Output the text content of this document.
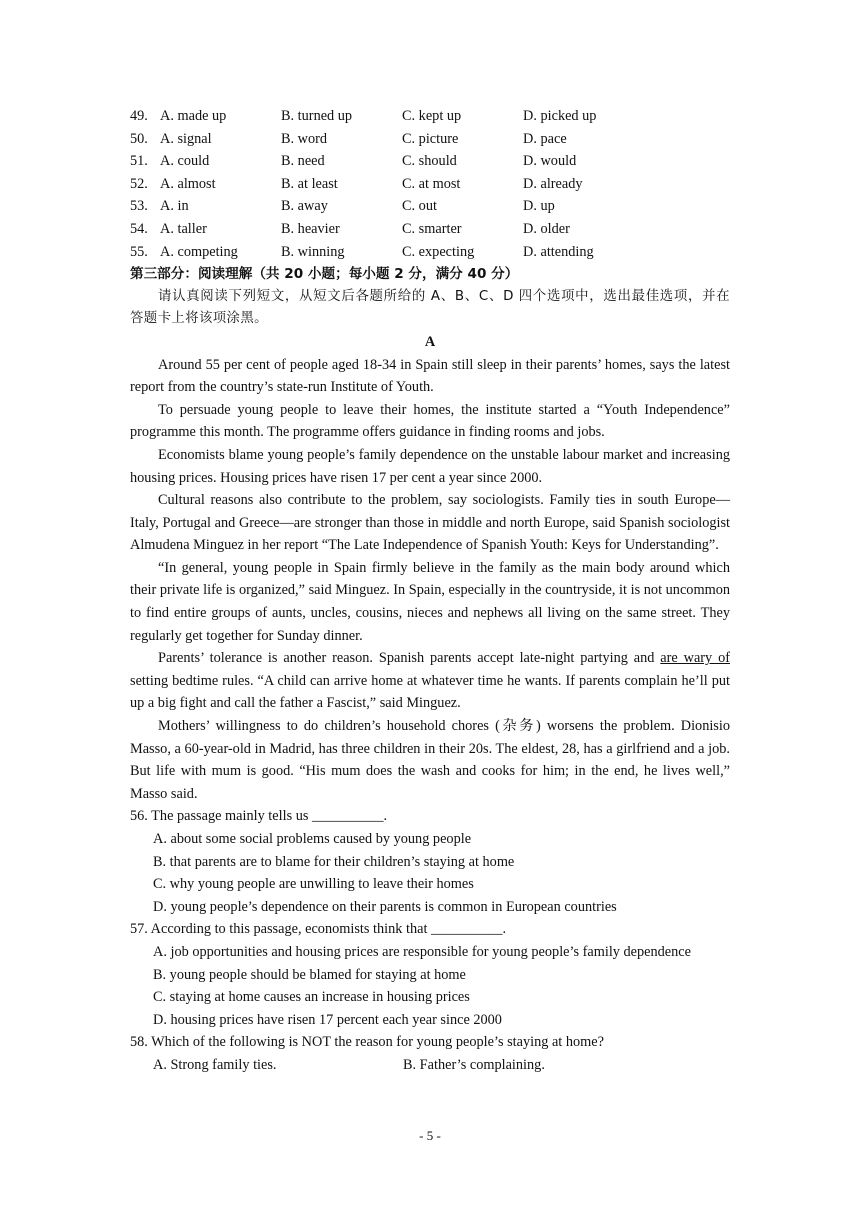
49. A. made up	B. turned up	C. kept up	D. picked up
50. A. signal	B. word	C. picture	D. pace
51. A. could	B. need	C. should	D. would
52. A. almost	B. at least	C. at most	D. already
53. A. in	B. away	C. out	D. up
54. A. taller	B. heavier	C. smarter	D. older
55. A. competing	B. winning	C. expecting	D. attending
第三部分：阅读理解（共 20 小题；每小题 2 分，满分 40 分）

请认真阅读下列短文，从短文后各题所给的 A、B、C、D 四个选项中，选出最佳选项，并在答题卡上将该项涂黑。

A

Around 55 per cent of people aged 18-34 in Spain still sleep in their parents’ homes, says the latest report from the country’s state-run Institute of Youth.

To persuade young people to leave their homes, the institute started a “Youth Independence” programme this month. The programme offers guidance in finding rooms and jobs.

Economists blame young people’s family dependence on the unstable labour market and increasing housing prices. Housing prices have risen 17 per cent a year since 2000.

Cultural reasons also contribute to the problem, say sociologists. Family ties in south Europe—Italy, Portugal and Greece—are stronger than those in middle and north Europe, said Spanish sociologist Almudena Minguez in her report “The Late Independence of Spanish Youth: Keys for Understanding”.

“In general, young people in Spain firmly believe in the family as the main body around which their private life is organized,” said Minguez. In Spain, especially in the countryside, it is not uncommon to find entire groups of aunts, uncles, cousins, nieces and nephews all living on the same street. They regularly get together for Sunday dinner.

Parents’ tolerance is another reason. Spanish parents accept late-night partying and are wary of setting bedtime rules. “A child can arrive home at whatever time he wants. If parents complain he’ll put up a big fight and call the father a Fascist,” said Minguez.

Mothers’ willingness to do children’s household chores (杂务) worsens the problem. Dionisio Masso, a 60-year-old in Madrid, has three children in their 20s. The eldest, 28, has a girlfriend and a job. But life with mum is good. “His mum does the wash and cooks for him; in the end, he lives well,” Masso said.

56. The passage mainly tells us __________.
A. about some social problems caused by young people
B. that parents are to blame for their children’s staying at home
C. why young people are unwilling to leave their homes
D. young people’s dependence on their parents is common in European countries
57. According to this passage, economists think that __________.
A. job opportunities and housing prices are responsible for young people’s family dependence
B. young people should be blamed for staying at home
C. staying at home causes an increase in housing prices
D. housing prices have risen 17 percent each year since 2000
58. Which of the following is NOT the reason for young people’s staying at home?
A. Strong family ties.	B. Father’s complaining.
- 5 -
